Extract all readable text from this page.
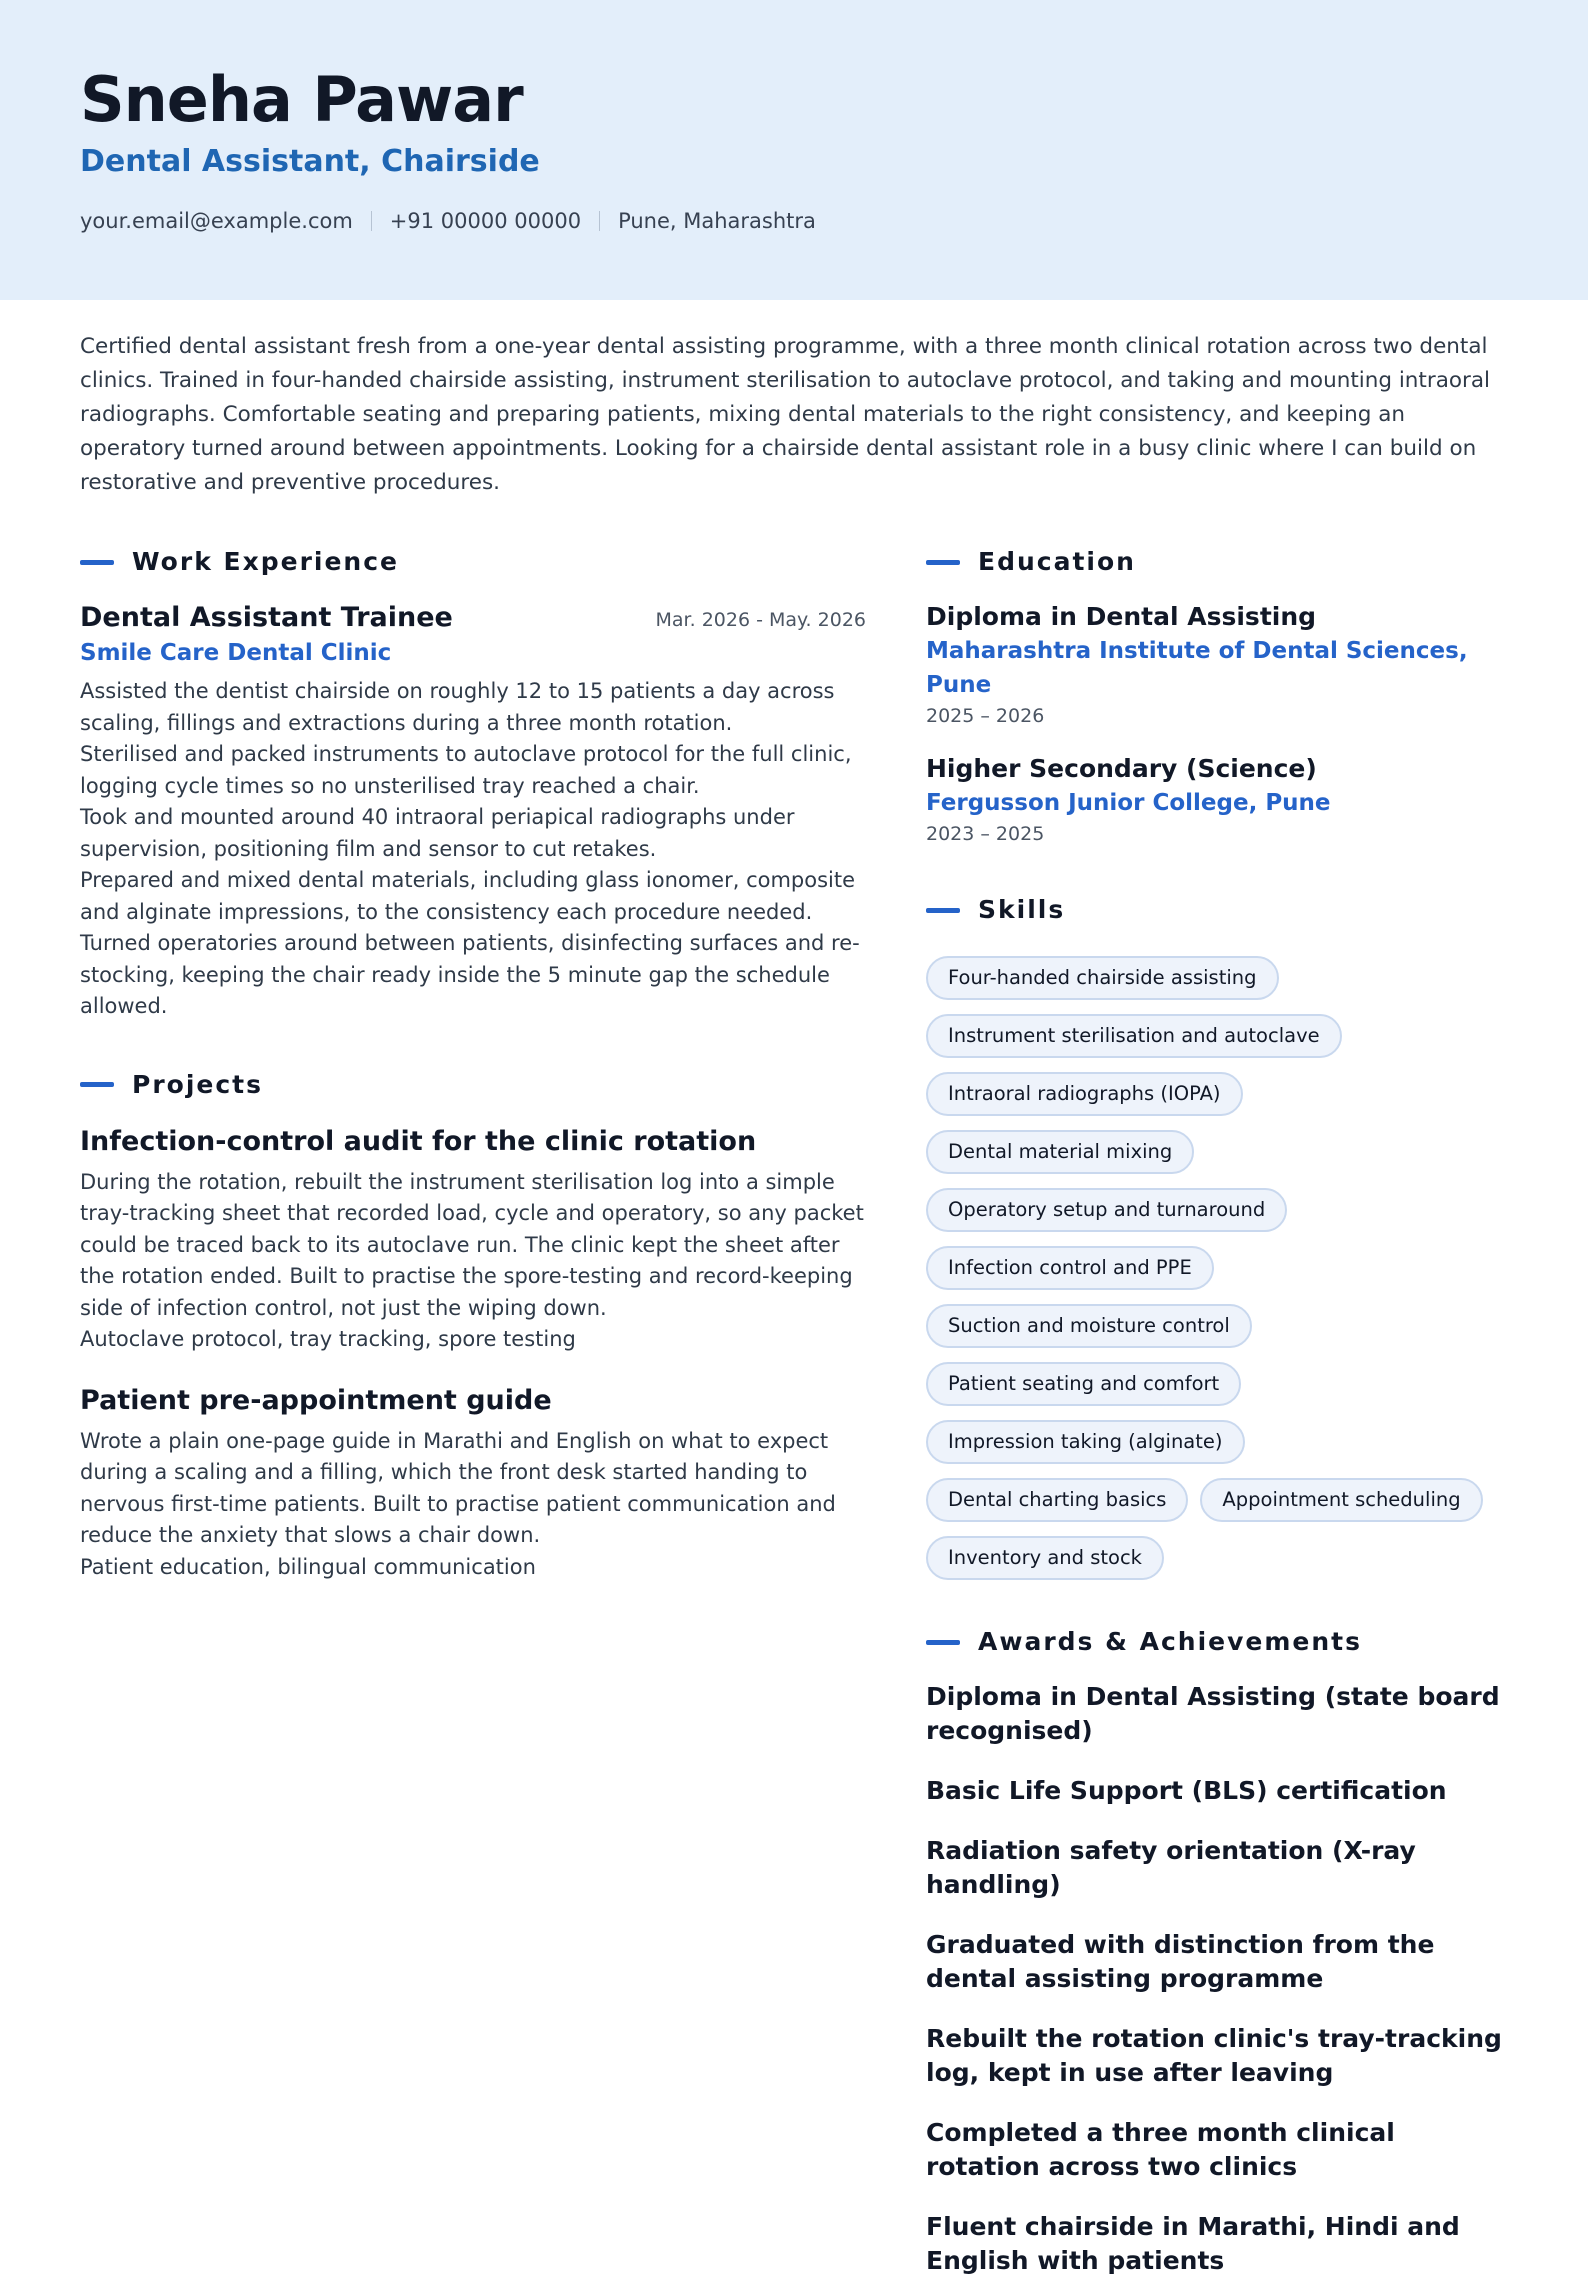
Sneha Pawar
Dental Assistant, Chairside
your.email@example.com +91 00000 00000 Pune, Maharashtra
Certified dental assistant fresh from a one-year dental assisting programme, with a three month clinical rotation across two dental clinics. Trained in four-handed chairside assisting, instrument sterilisation to autoclave protocol, and taking and mounting intraoral radiographs. Comfortable seating and preparing patients, mixing dental materials to the right consistency, and keeping an operatory turned around between appointments. Looking for a chairside dental assistant role in a busy clinic where I can build on restorative and preventive procedures.
Work Experience
Dental Assistant Trainee	Mar. 2026 - May. 2026
Smile Care Dental Clinic
Assisted the dentist chairside on roughly 12 to 15 patients a day across scaling, fillings and extractions during a three month rotation.
Sterilised and packed instruments to autoclave protocol for the full clinic, logging cycle times so no unsterilised tray reached a chair.
Took and mounted around 40 intraoral periapical radiographs under supervision, positioning film and sensor to cut retakes.
Prepared and mixed dental materials, including glass ionomer, composite and alginate impressions, to the consistency each procedure needed.
Turned operatories around between patients, disinfecting surfaces and re-stocking, keeping the chair ready inside the 5 minute gap the schedule allowed.
Projects
Infection-control audit for the clinic rotation
During the rotation, rebuilt the instrument sterilisation log into a simple tray-tracking sheet that recorded load, cycle and operatory, so any packet could be traced back to its autoclave run. The clinic kept the sheet after the rotation ended. Built to practise the spore-testing and record-keeping side of infection control, not just the wiping down.
Autoclave protocol, tray tracking, spore testing
Patient pre-appointment guide
Wrote a plain one-page guide in Marathi and English on what to expect during a scaling and a filling, which the front desk started handing to nervous first-time patients. Built to practise patient communication and reduce the anxiety that slows a chair down.
Patient education, bilingual communication
Education
Diploma in Dental Assisting
Maharashtra Institute of Dental Sciences, Pune
2025 – 2026
Higher Secondary (Science)
Fergusson Junior College, Pune
2023 – 2025
Skills
Four-handed chairside assisting
Instrument sterilisation and autoclave
Intraoral radiographs (IOPA)
Dental material mixing
Operatory setup and turnaround
Infection control and PPE
Suction and moisture control
Patient seating and comfort
Impression taking (alginate)
Dental charting basics	Appointment scheduling
Inventory and stock
Awards & Achievements
Diploma in Dental Assisting (state board recognised)
Basic Life Support (BLS) certification
Radiation safety orientation (X-ray handling)
Graduated with distinction from the dental assisting programme
Rebuilt the rotation clinic's tray-tracking log, kept in use after leaving
Completed a three month clinical rotation across two clinics
Fluent chairside in Marathi, Hindi and English with patients
